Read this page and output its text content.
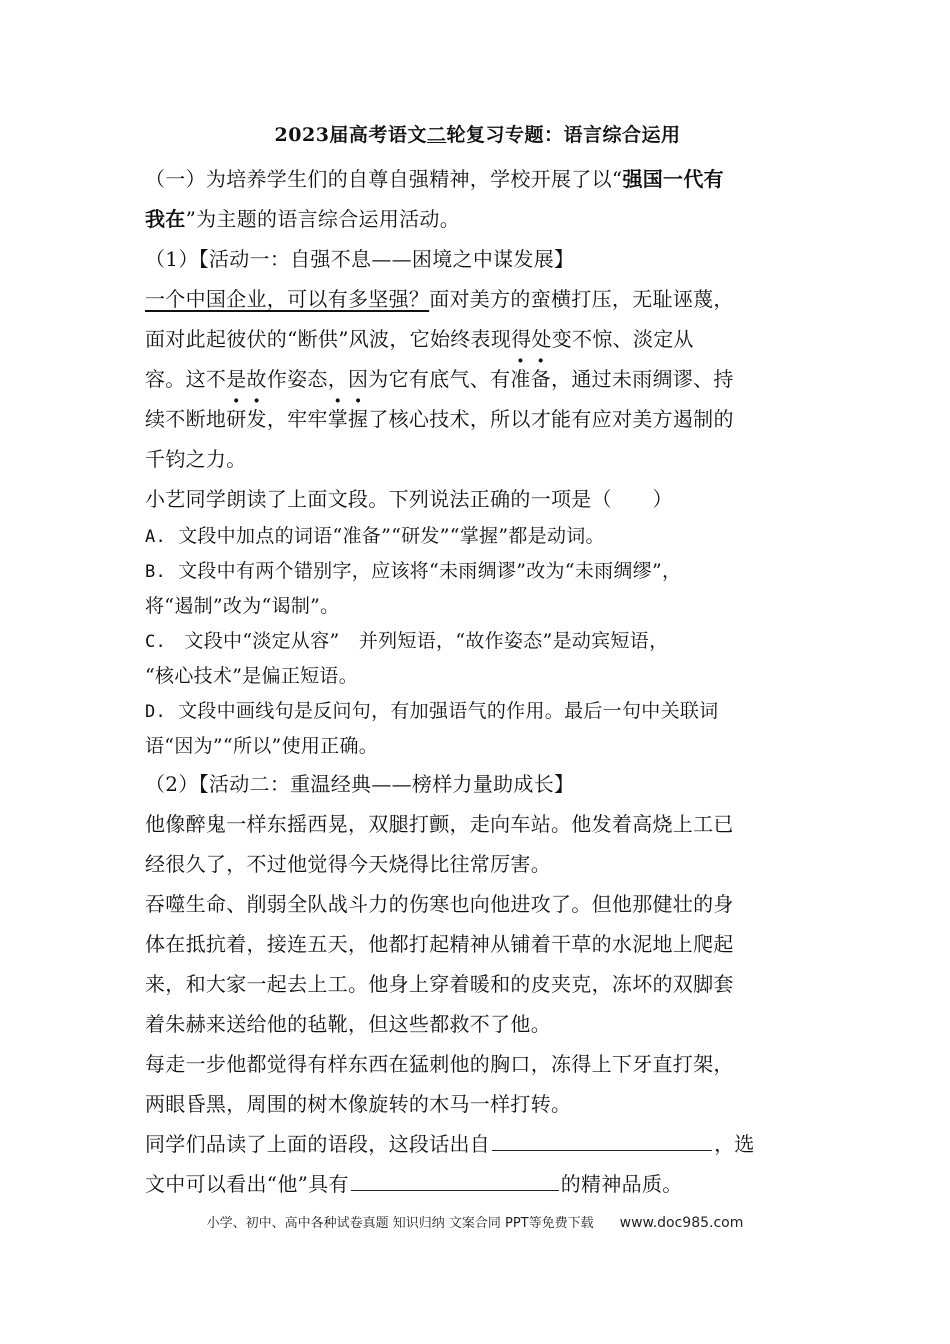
2023届高考语文二轮复习专题：语言综合运用
（一）为培养学生们的自尊自强精神，学校开展了以“强国一代有
我在”为主题的语言综合运用活动。
（1）【活动一：自强不息——困境之中谋发展】
一个中国企业，可以有多坚强？面对美方的蛮横打压，无耻诬蔑，
面对此起彼伏的“断供”风波，它始终表现得处变不惊、淡定从
容。这不是故作姿态，因为它有底气、有准备，通过未雨绸谬、持
续不断地研发，牢牢掌握了核心技术，所以才能有应对美方遏制的
千钧之力。
小艺同学朗读了上面文段。下列说法正确的一项是（　　）
A. 文段中加点的词语“准备”“研发”“掌握”都是动词。
B. 文段中有两个错别字，应该将“未雨绸谬”改为“未雨绸缪”，
将“遏制”改为“谒制”。
C. 文段中“淡定从容”　并列短语，“故作姿态”是动宾短语，
“核心技术”是偏正短语。
D. 文段中画线句是反问句，有加强语气的作用。最后一句中关联词
语“因为”“所以”使用正确。
（2）【活动二：重温经典——榜样力量助成长】
他像醉鬼一样东摇西晃，双腿打颤，走向车站。他发着高烧上工已
经很久了，不过他觉得今天烧得比往常厉害。
吞噬生命、削弱全队战斗力的伤寒也向他进攻了。但他那健壮的身
体在抵抗着，接连五天，他都打起精神从铺着干草的水泥地上爬起
来，和大家一起去上工。他身上穿着暖和的皮夹克，冻坏的双脚套
着朱赫来送给他的毡靴，但这些都救不了他。
每走一步他都觉得有样东西在猛刺他的胸口，冻得上下牙直打架，
两眼昏黑，周围的树木像旋转的木马一样打转。
同学们品读了上面的语段，这段话出自	，选
文中可以看出“他”具有	的精神品质。
小学、初中、高中各种试卷真题 知识归纳 文案合同 PPT等免费下载 www.doc985.com
